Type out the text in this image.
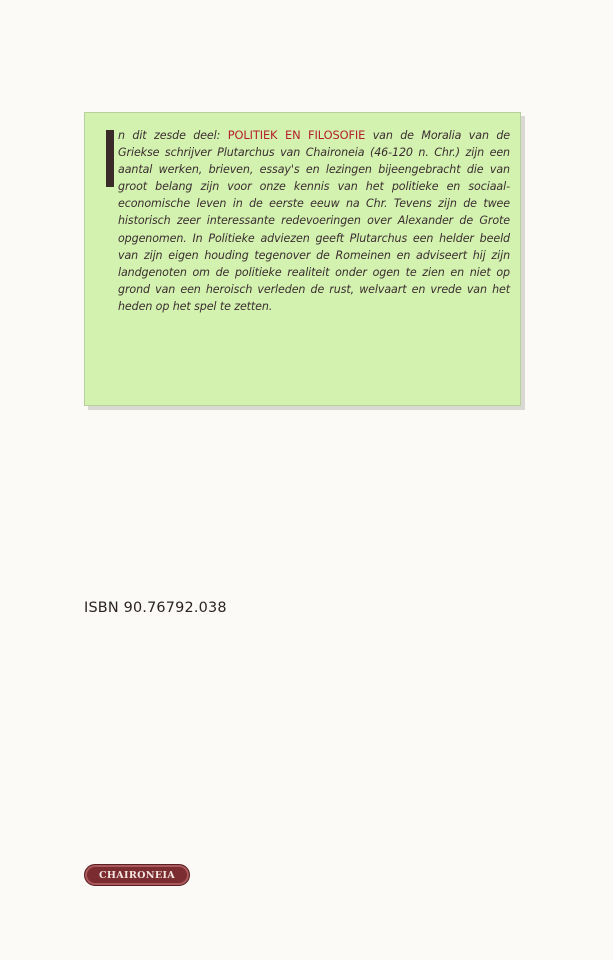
n dit zesde deel: POLITIEK EN FILOSOFIE van de Moralia van de Griekse schrijver Plutarchus van Chaironeia (46-120 n. Chr.) zijn een aantal werken, brieven, essay's en lezingen bijeengebracht die van groot belang zijn voor onze kennis van het politieke en sociaal-economische leven in de eerste eeuw na Chr. Tevens zijn de twee historisch zeer interessante redevoeringen over Alexander de Grote opgenomen. In Politieke adviezen geeft Plutarchus een helder beeld van zijn eigen houding tegenover de Romeinen en adviseert hij zijn landgenoten om de politieke realiteit onder ogen te zien en niet op grond van een heroisch verleden de rust, welvaart en vrede van het heden op het spel te zetten.
ISBN 90.76792.038
CHAIRONEIA
